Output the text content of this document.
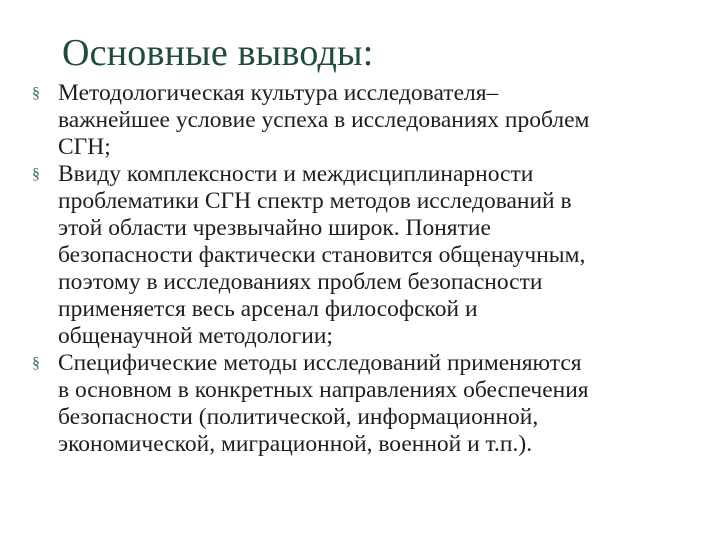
Основные выводы:
§ Методологическая культура исследователя–
важнейшее условие успеха в исследованиях проблем
СГН;
§ Ввиду комплексности и междисциплинарности
проблематики СГН спектр методов исследований в
этой области чрезвычайно широк. Понятие
безопасности фактически становится общенаучным,
поэтому в исследованиях проблем безопасности
применяется весь арсенал философской и
общенаучной методологии;
§ Специфические методы исследований применяются
в основном в конкретных направлениях обеспечения
безопасности (политической, информационной,
экономической, миграционной, военной и т.п.).
